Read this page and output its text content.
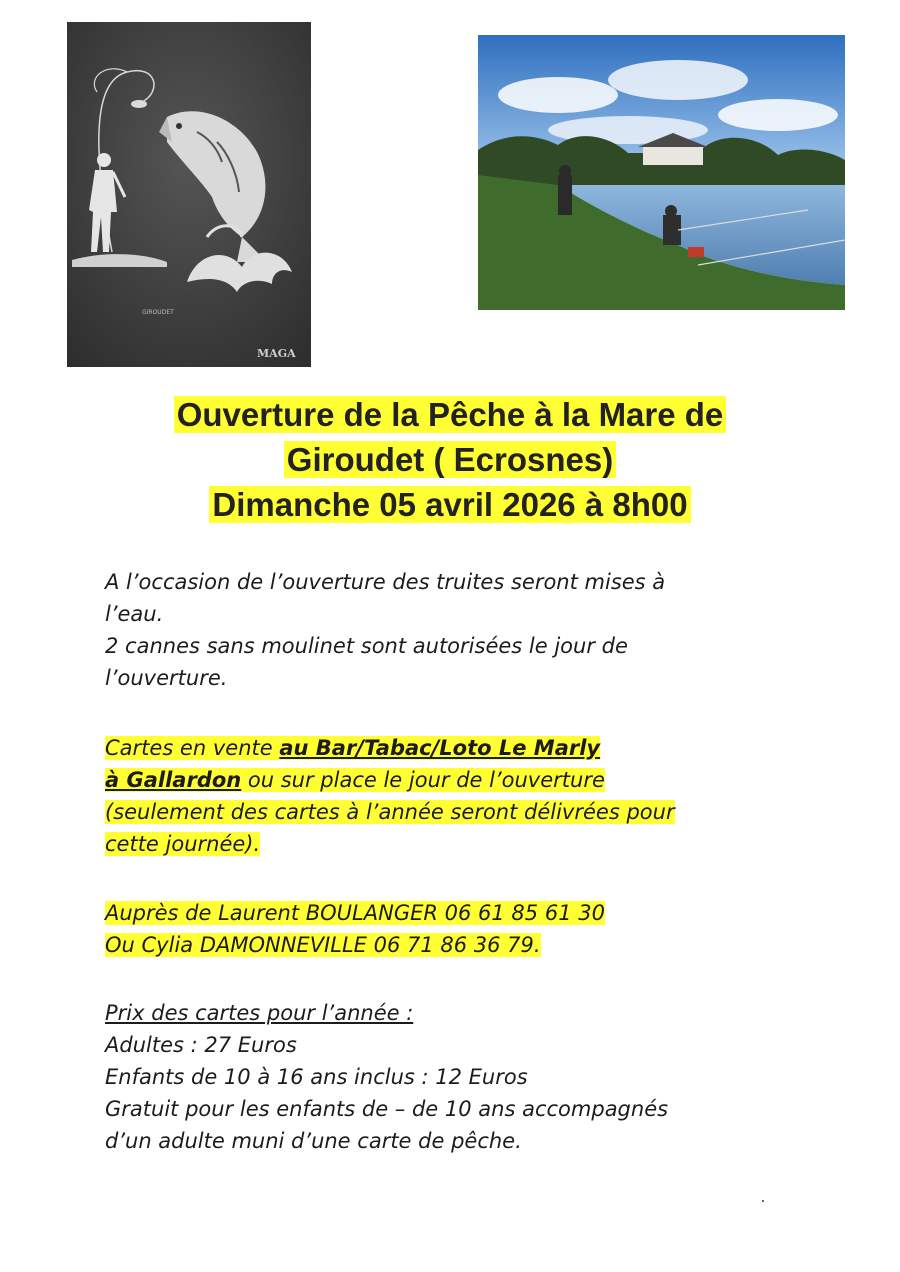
GIROUDET
MAGA
Ouverture de la Pêche à la Mare de
Giroudet ( Ecrosnes)
Dimanche 05 avril 2026 à 8h00
A l’occasion de l’ouverture des truites seront mises à
l’eau.
2 cannes sans moulinet sont autorisées le jour de
l’ouverture.
Cartes en vente au Bar/Tabac/Loto Le Marly
à Gallardon ou sur place le jour de l’ouverture
(seulement des cartes à l’année seront délivrées pour
cette journée).
Auprès de Laurent BOULANGER 06 61 85 61 30
Ou Cylia DAMONNEVILLE 06 71 86 36 79.
Prix des cartes pour l’année :
Adultes : 27 Euros
Enfants de 10 à 16 ans inclus : 12 Euros
Gratuit pour les enfants de – de 10 ans accompagnés
d’un adulte muni d’une carte de pêche.
